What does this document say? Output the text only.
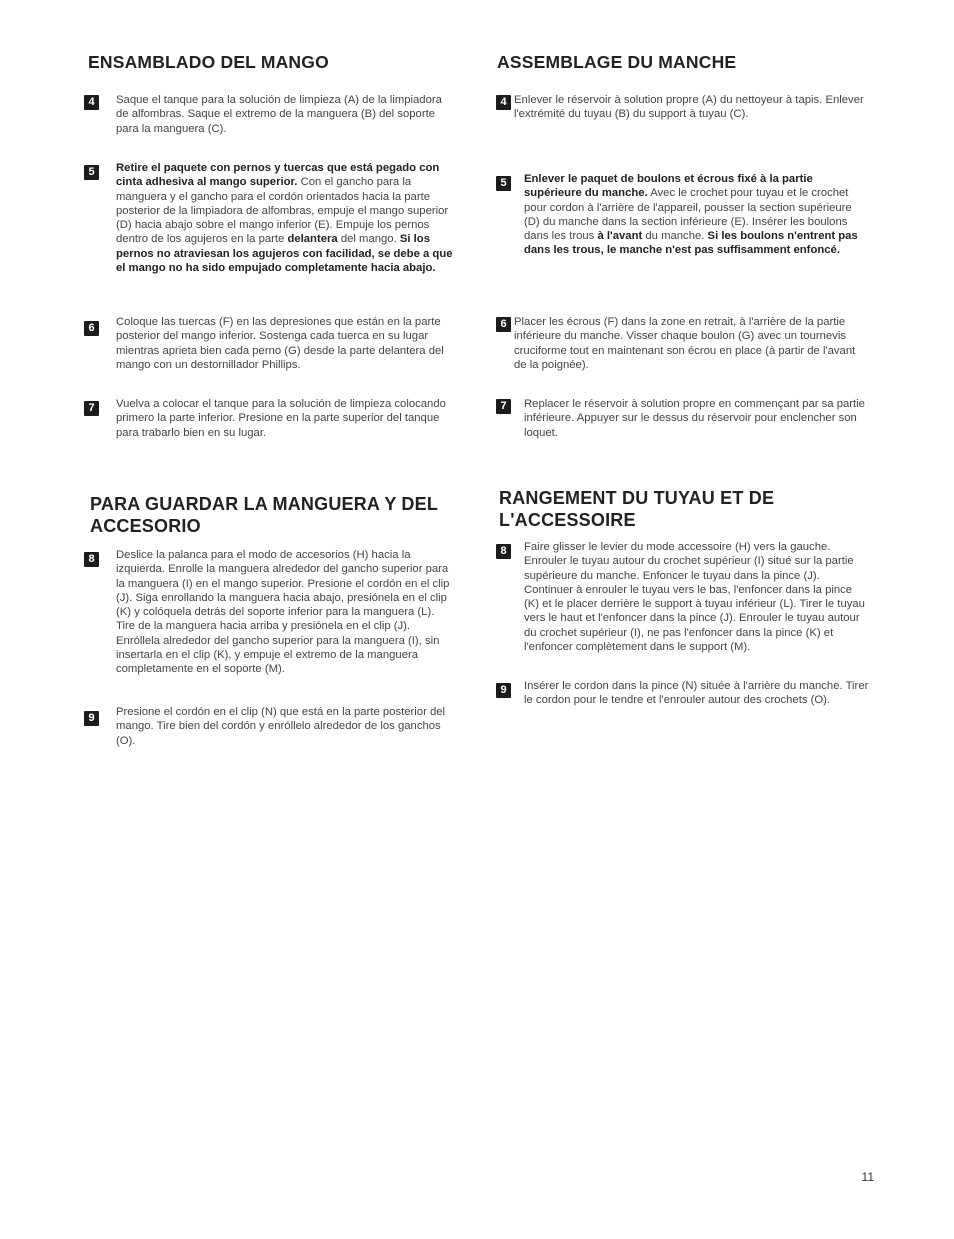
ENSAMBLADO DEL MANGO
4	Saque el tanque para la solución de limpieza (A) de la limpiadora de alfombras. Saque el extremo de la manguera (B) del soporte para la manguera (C).
5	Retire el paquete con pernos y tuercas que está pegado con cinta adhesiva al mango superior. Con el gancho para la manguera y el gancho para el cordón orientados hacia la parte posterior de la limpiadora de alfombras, empuje el mango superior (D) hacia abajo sobre el mango inferior (E). Empuje los pernos dentro de los agujeros en la parte delantera del mango. Si los pernos no atraviesan los agujeros con facilidad, se debe a que el mango no ha sido empujado completamente hacia abajo.
6	Coloque las tuercas (F) en las depresiones que están en la parte posterior del mango inferior. Sostenga cada tuerca en su lugar mientras aprieta bien cada perno (G) desde la parte delantera del mango con un destornillador Phillips.
7	Vuelva a colocar el tanque para la solución de limpieza colocando primero la parte inferior. Presione en la parte superior del tanque para trabarlo bien en su lugar.
PARA GUARDAR LA MANGUERA Y DEL ACCESORIO
8	Deslice la palanca para el modo de accesorios (H) hacia la izquierda. Enrolle la manguera alrededor del gancho superior para la manguera (I) en el mango superior. Presione el cordón en el clip (J). Siga enrollando la manguera hacia abajo, presiónela en el clip (K) y colóquela detrás del soporte inferior para la manguera (L). Tire de la manguera hacia arriba y presiónela en el clip (J). Enróllela alrededor del gancho superior para la manguera (I), sin insertarla en el clip (K), y empuje el extremo de la manguera completamente en el soporte (M).
9	Presione el cordón en el clip (N) que está en la parte posterior del mango. Tire bien del cordón y enróllelo alrededor de los ganchos (O).
ASSEMBLAGE DU MANCHE
4 Enlever le réservoir à solution propre (A) du nettoyeur à tapis. Enlever l'extrémité du tuyau (B) du support à tuyau (C).
5	Enlever le paquet de boulons et écrous fixé à la partie supérieure du manche. Avec le crochet pour tuyau et le crochet pour cordon à l'arrière de l'appareil, pousser la section supérieure (D) du manche dans la section inférieure (E). Insérer les boulons dans les trous à l'avant du manche. Si les boulons n'entrent pas dans les trous, le manche n'est pas suffisamment enfoncé.
6 Placer les écrous (F) dans la zone en retrait, à l'arrière de la partie inférieure du manche. Visser chaque boulon (G) avec un tournevis cruciforme tout en maintenant son écrou en place (à partir de l'avant de la poignée).
7	Replacer le réservoir à solution propre en commençant par sa partie inférieure. Appuyer sur le dessus du réservoir pour enclencher son loquet.
RANGEMENT DU TUYAU ET DE L'ACCESSOIRE
8	Faire glisser le levier du mode accessoire (H) vers la gauche. Enrouler le tuyau autour du crochet supérieur (I) situé sur la partie supérieure du manche. Enfoncer le tuyau dans la pince (J). Continuer à enrouler le tuyau vers le bas, l'enfoncer dans la pince (K) et le placer derrière le support à tuyau inférieur (L). Tirer le tuyau vers le haut et l'enfoncer dans la pince (J). Enrouler le tuyau autour du crochet supérieur (I), ne pas l'enfoncer dans la pince (K) et l'enfoncer complètement dans le support (M).
9	Insérer le cordon dans la pince (N) située à l'arrière du manche. Tirer le cordon pour le tendre et l'enrouler autour des crochets (O).
11
